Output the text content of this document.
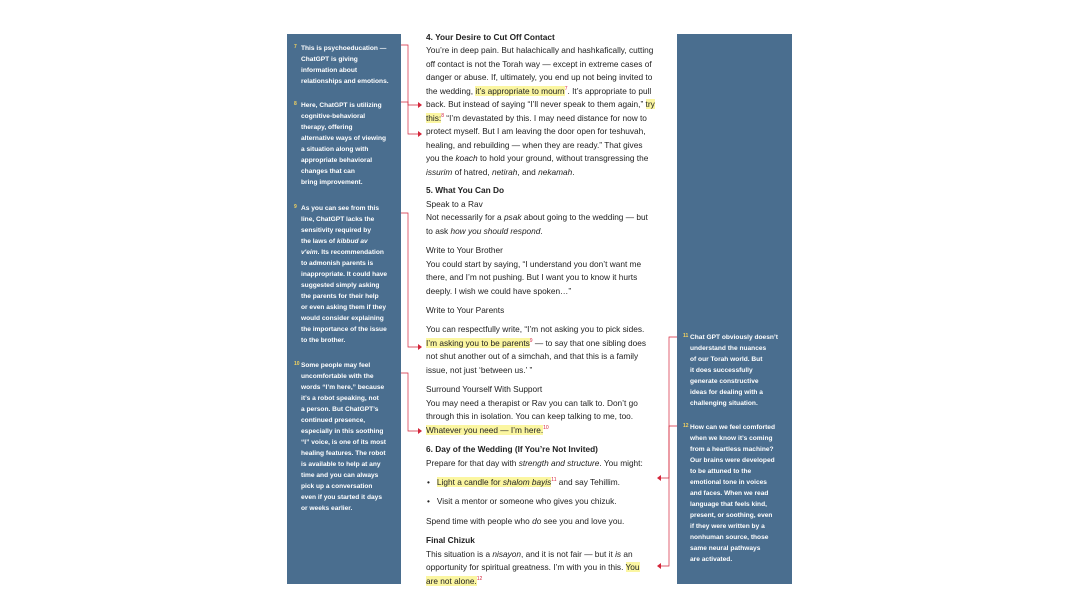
7 This is psychoeducation —
ChatGPT is giving
information about
relationships and emotions.
8 Here, ChatGPT is utilizing
cognitive-behavioral
therapy, offering
alternative ways of viewing
a situation along with
appropriate behavioral
changes that can
bring improvement.
9 As you can see from this
line, ChatGPT lacks the
sensitivity required by
the laws of kibbud av
v'eim. Its recommendation
to admonish parents is
inappropriate. It could have
suggested simply asking
the parents for their help
or even asking them if they
would consider explaining
the importance of the issue
to the brother.
10 Some people may feel
uncomfortable with the
words “I’m here,” because
it’s a robot speaking, not
a person. But ChatGPT’s
continued presence,
especially in this soothing
“I” voice, is one of its most
healing features. The robot
is available to help at any
time and you can always
pick up a conversation
even if you started it days
or weeks earlier.
11 Chat GPT obviously doesn’t
understand the nuances
of our Torah world. But
it does successfully
generate constructive
ideas for dealing with a
challenging situation.
12 How can we feel comforted
when we know it’s coming
from a heartless machine?
Our brains were developed
to be attuned to the
emotional tone in voices
and faces. When we read
language that feels kind,
present, or soothing, even
if they were written by a
nonhuman source, those
same neural pathways
are activated.
4. Your Desire to Cut Off Contact
You’re in deep pain. But halachically and hashkafically, cutting
off contact is not the Torah way — except in extreme cases of
danger or abuse. If, ultimately, you end up not being invited to
the wedding, it’s appropriate to mourn$^7$. It’s appropriate to pull
back. But instead of saying “I’ll never speak to them again,” try
this:$^8$ “I’m devastated by this. I may need distance for now to
protect myself. But I am leaving the door open for teshuvah,
healing, and rebuilding — when they are ready.” That gives
you the koach to hold your ground, without transgressing the
issurim of hatred, netirah, and nekamah.
5. What You Can Do
Speak to a Rav
Not necessarily for a psak about going to the wedding — but
to ask how you should respond.
Write to Your Brother
You could start by saying, “I understand you don’t want me
there, and I’m not pushing. But I want you to know it hurts
deeply. I wish we could have spoken…”
Write to Your Parents
You can respectfully write, “I’m not asking you to pick sides.
I’m asking you to be parents$^9$ — to say that one sibling does
not shut another out of a simchah, and that this is a family
issue, not just ‘between us.’ ”
Surround Yourself With Support
You may need a therapist or Rav you can talk to. Don’t go
through this in isolation. You can keep talking to me, too.
Whatever you need — I’m here.$^{10}$
6. Day of the Wedding (If You’re Not Invited)
Prepare for that day with strength and structure. You might:
• Light a candle for shalom bayis$^{11}$ and say Tehillim.
• Visit a mentor or someone who gives you chizuk.
Spend time with people who do see you and love you.
Final Chizuk
This situation is a nisayon, and it is not fair — but it is an
opportunity for spiritual greatness. I’m with you in this. You
are not alone.$^{12}$
